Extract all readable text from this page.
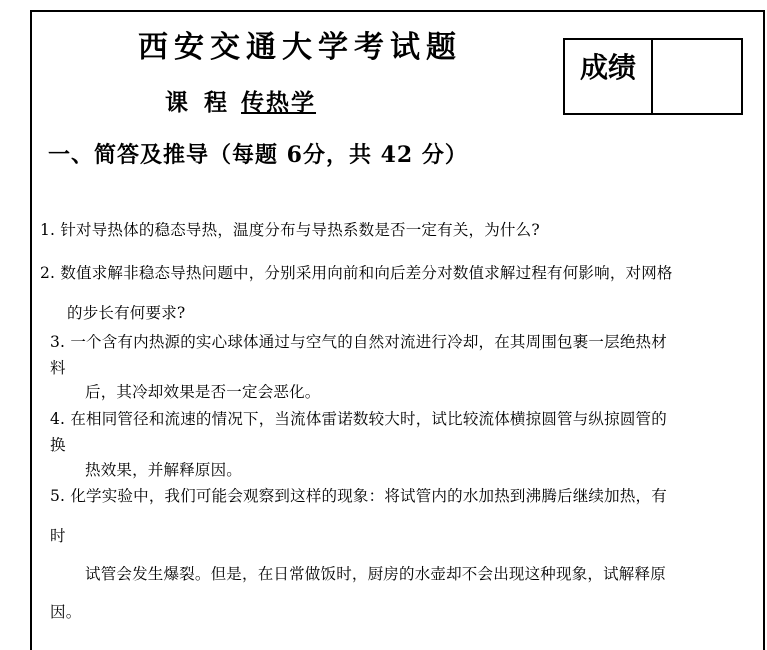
西安交通大学考试题
课 程 传热学
成绩
一、简答及推导（每题 6分，共 42 分）
1. 针对导热体的稳态导热，温度分布与导热系数是否一定有关，为什么?
2. 数值求解非稳态导热问题中，分别采用向前和向后差分对数值求解过程有何影响，对网格
的步长有何要求?
3. 一个含有内热源的实心球体通过与空气的自然对流进行冷却，在其周围包裹一层绝热材
料
后，其冷却效果是否一定会恶化。
4. 在相同管径和流速的情况下，当流体雷诺数较大时，试比较流体横掠圆管与纵掠圆管的
换
热效果，并解释原因。
5. 化学实验中，我们可能会观察到这样的现象：将试管内的水加热到沸腾后继续加热，有
时
试管会发生爆裂。但是，在日常做饭时，厨房的水壶却不会出现这种现象，试解释原
因。
